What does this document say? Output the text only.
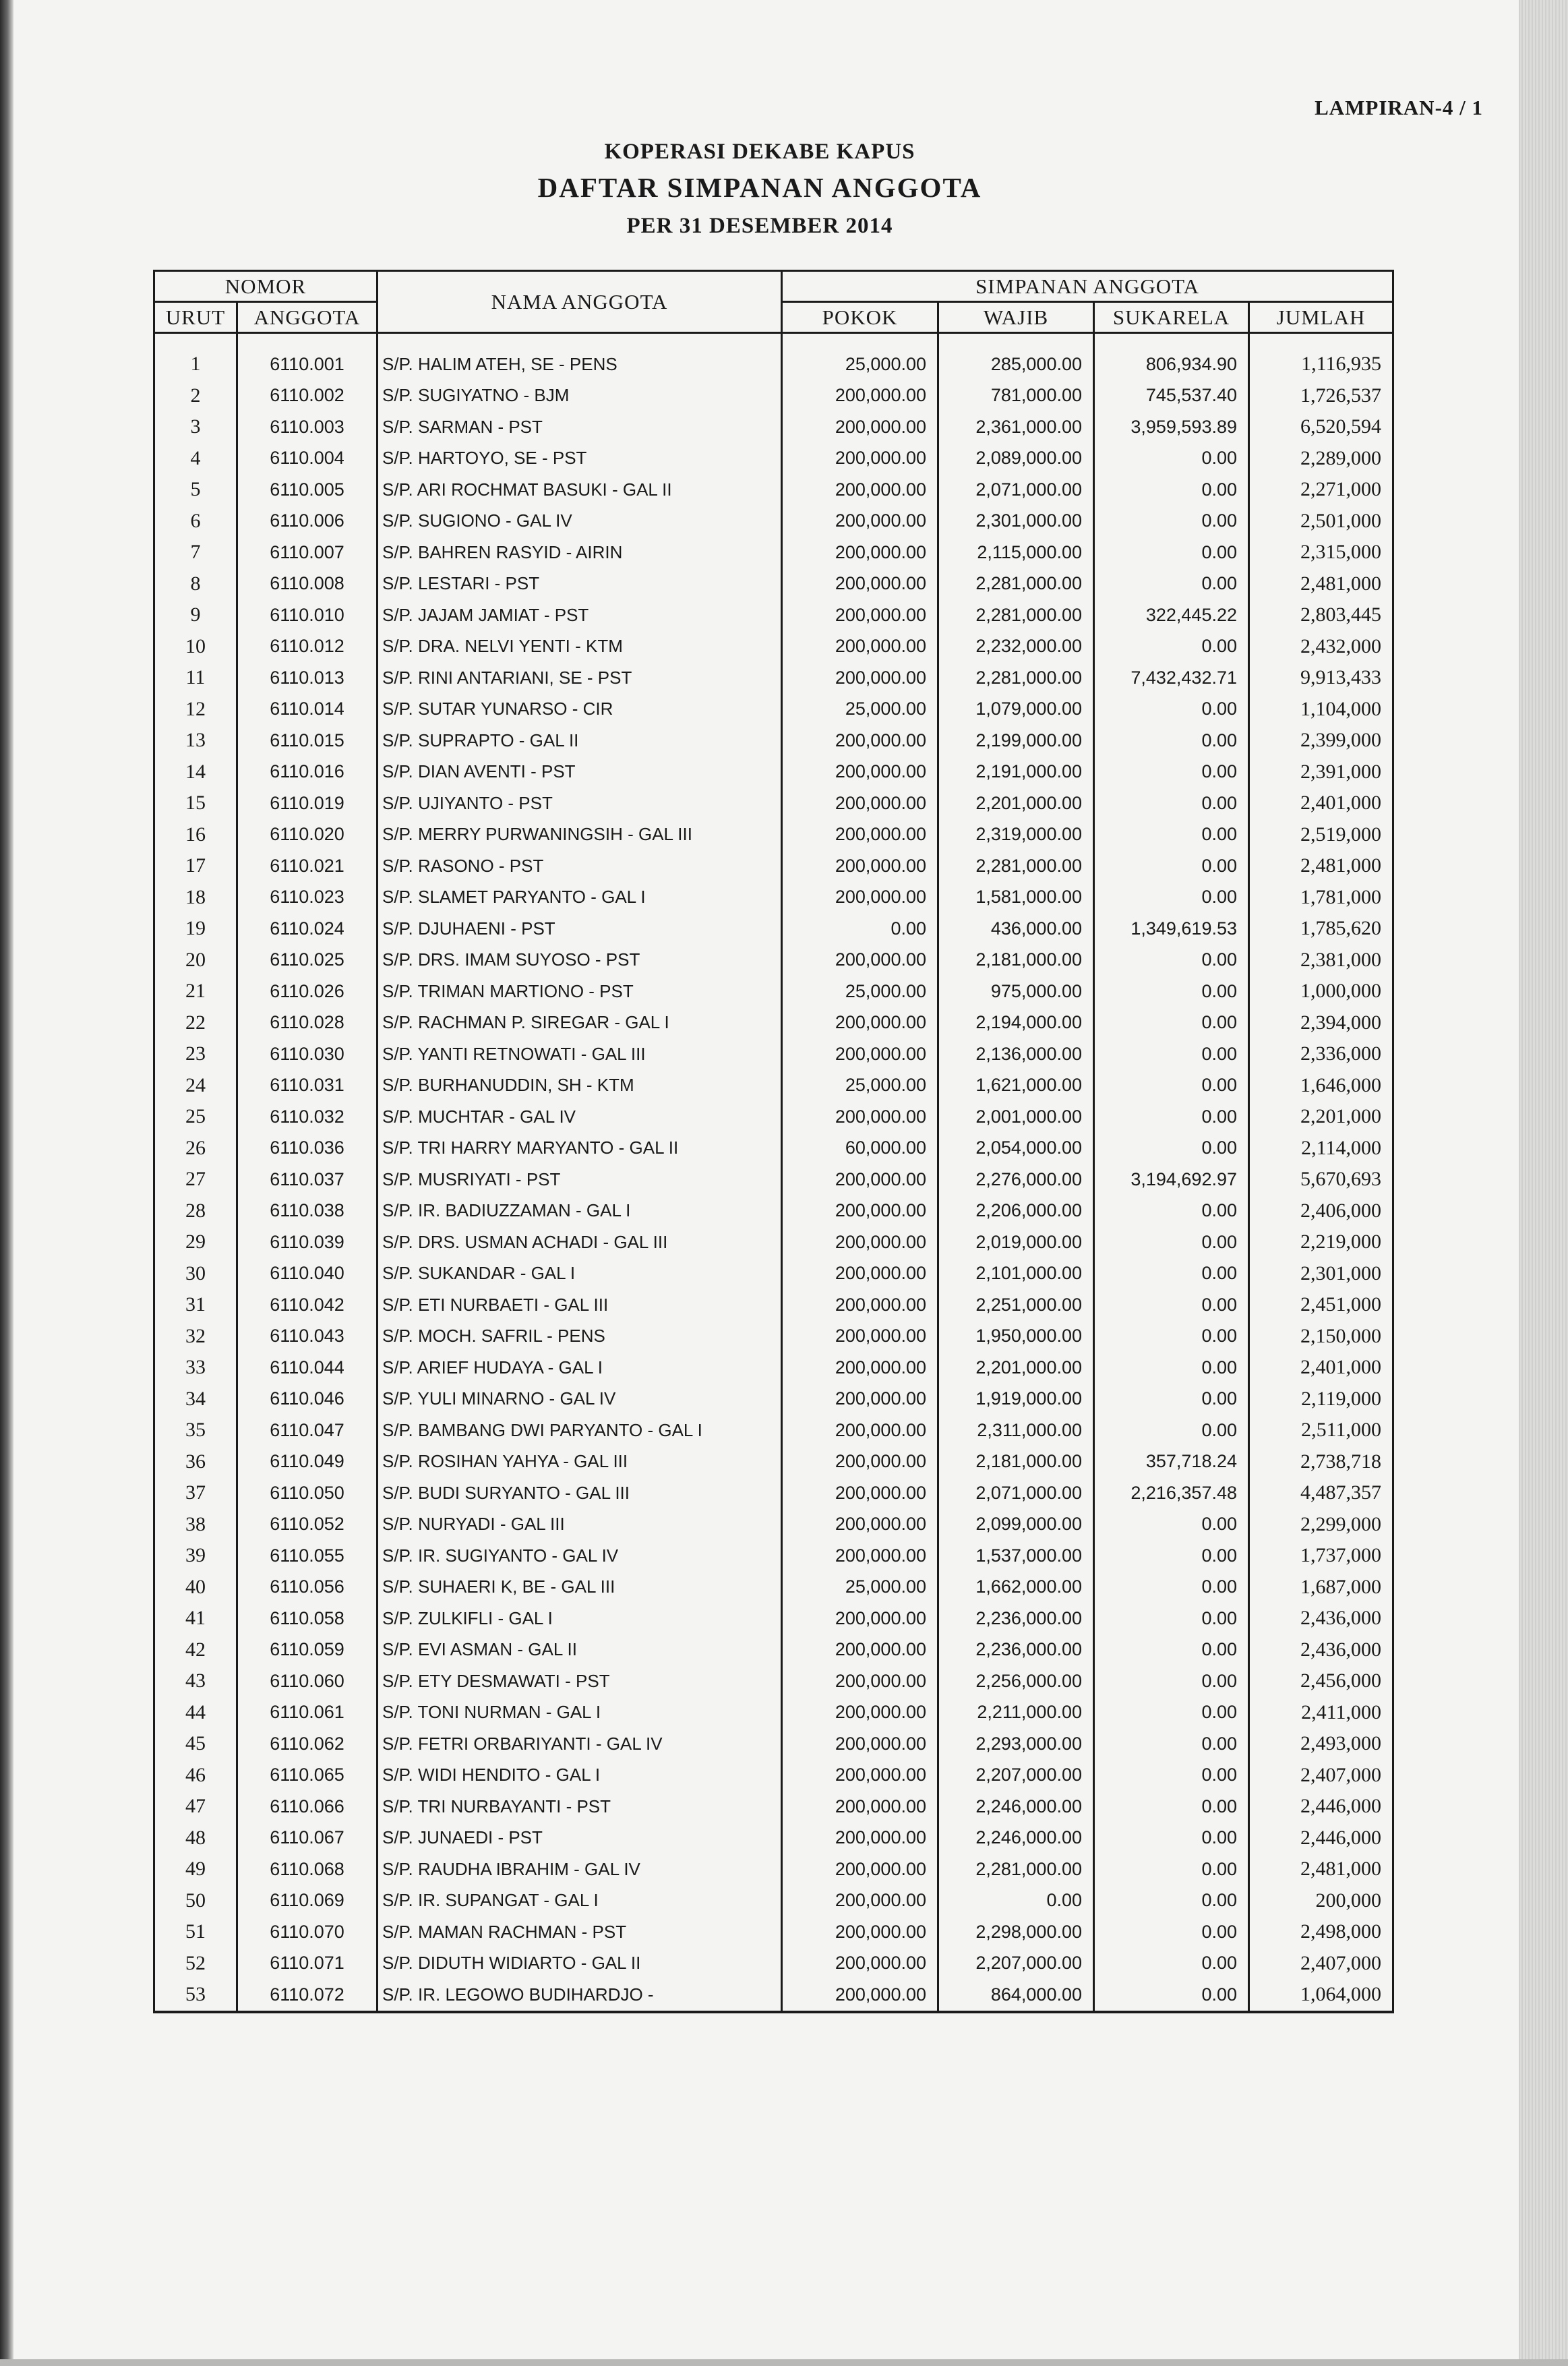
LAMPIRAN-4 / 1
KOPERASI DEKABE KAPUS
DAFTAR SIMPANAN ANGGOTA
PER 31 DESEMBER 2014
NOMOR		NAMA ANGGOTA	SIMPANAN ANGGOTA			
URUT	ANGGOTA		POKOK	WAJIB	SUKARELA	JUMLAH

1	6110.001	S/P. HALIM ATEH, SE - PENS	25,000.00	285,000.00	806,934.90	1,116,935
2	6110.002	S/P. SUGIYATNO - BJM	200,000.00	781,000.00	745,537.40	1,726,537
3	6110.003	S/P. SARMAN - PST	200,000.00	2,361,000.00	3,959,593.89	6,520,594
4	6110.004	S/P. HARTOYO, SE - PST	200,000.00	2,089,000.00	0.00	2,289,000
5	6110.005	S/P. ARI ROCHMAT BASUKI - GAL II	200,000.00	2,071,000.00	0.00	2,271,000
6	6110.006	S/P. SUGIONO - GAL IV	200,000.00	2,301,000.00	0.00	2,501,000
7	6110.007	S/P. BAHREN RASYID - AIRIN	200,000.00	2,115,000.00	0.00	2,315,000
8	6110.008	S/P. LESTARI - PST	200,000.00	2,281,000.00	0.00	2,481,000
9	6110.010	S/P. JAJAM JAMIAT - PST	200,000.00	2,281,000.00	322,445.22	2,803,445
10	6110.012	S/P. DRA. NELVI YENTI - KTM	200,000.00	2,232,000.00	0.00	2,432,000
11	6110.013	S/P. RINI ANTARIANI, SE - PST	200,000.00	2,281,000.00	7,432,432.71	9,913,433
12	6110.014	S/P. SUTAR YUNARSO - CIR	25,000.00	1,079,000.00	0.00	1,104,000
13	6110.015	S/P. SUPRAPTO - GAL II	200,000.00	2,199,000.00	0.00	2,399,000
14	6110.016	S/P. DIAN AVENTI - PST	200,000.00	2,191,000.00	0.00	2,391,000
15	6110.019	S/P. UJIYANTO - PST	200,000.00	2,201,000.00	0.00	2,401,000
16	6110.020	S/P. MERRY PURWANINGSIH - GAL III	200,000.00	2,319,000.00	0.00	2,519,000
17	6110.021	S/P. RASONO - PST	200,000.00	2,281,000.00	0.00	2,481,000
18	6110.023	S/P. SLAMET PARYANTO - GAL I	200,000.00	1,581,000.00	0.00	1,781,000
19	6110.024	S/P. DJUHAENI - PST	0.00	436,000.00	1,349,619.53	1,785,620
20	6110.025	S/P. DRS. IMAM SUYOSO - PST	200,000.00	2,181,000.00	0.00	2,381,000
21	6110.026	S/P. TRIMAN MARTIONO - PST	25,000.00	975,000.00	0.00	1,000,000
22	6110.028	S/P. RACHMAN P. SIREGAR - GAL I	200,000.00	2,194,000.00	0.00	2,394,000
23	6110.030	S/P. YANTI RETNOWATI - GAL III	200,000.00	2,136,000.00	0.00	2,336,000
24	6110.031	S/P. BURHANUDDIN, SH - KTM	25,000.00	1,621,000.00	0.00	1,646,000
25	6110.032	S/P. MUCHTAR - GAL IV	200,000.00	2,001,000.00	0.00	2,201,000
26	6110.036	S/P. TRI HARRY MARYANTO - GAL II	60,000.00	2,054,000.00	0.00	2,114,000
27	6110.037	S/P. MUSRIYATI - PST	200,000.00	2,276,000.00	3,194,692.97	5,670,693
28	6110.038	S/P. IR. BADIUZZAMAN - GAL I	200,000.00	2,206,000.00	0.00	2,406,000
29	6110.039	S/P. DRS. USMAN ACHADI - GAL III	200,000.00	2,019,000.00	0.00	2,219,000
30	6110.040	S/P. SUKANDAR - GAL I	200,000.00	2,101,000.00	0.00	2,301,000
31	6110.042	S/P. ETI NURBAETI - GAL III	200,000.00	2,251,000.00	0.00	2,451,000
32	6110.043	S/P. MOCH. SAFRIL - PENS	200,000.00	1,950,000.00	0.00	2,150,000
33	6110.044	S/P. ARIEF HUDAYA - GAL I	200,000.00	2,201,000.00	0.00	2,401,000
34	6110.046	S/P. YULI MINARNO - GAL IV	200,000.00	1,919,000.00	0.00	2,119,000
35	6110.047	S/P. BAMBANG DWI PARYANTO - GAL I	200,000.00	2,311,000.00	0.00	2,511,000
36	6110.049	S/P. ROSIHAN YAHYA - GAL III	200,000.00	2,181,000.00	357,718.24	2,738,718
37	6110.050	S/P. BUDI SURYANTO - GAL III	200,000.00	2,071,000.00	2,216,357.48	4,487,357
38	6110.052	S/P. NURYADI - GAL III	200,000.00	2,099,000.00	0.00	2,299,000
39	6110.055	S/P. IR. SUGIYANTO - GAL IV	200,000.00	1,537,000.00	0.00	1,737,000
40	6110.056	S/P. SUHAERI K, BE - GAL III	25,000.00	1,662,000.00	0.00	1,687,000
41	6110.058	S/P. ZULKIFLI - GAL I	200,000.00	2,236,000.00	0.00	2,436,000
42	6110.059	S/P. EVI ASMAN - GAL II	200,000.00	2,236,000.00	0.00	2,436,000
43	6110.060	S/P. ETY DESMAWATI - PST	200,000.00	2,256,000.00	0.00	2,456,000
44	6110.061	S/P. TONI NURMAN - GAL I	200,000.00	2,211,000.00	0.00	2,411,000
45	6110.062	S/P. FETRI ORBARIYANTI - GAL IV	200,000.00	2,293,000.00	0.00	2,493,000
46	6110.065	S/P. WIDI HENDITO - GAL I	200,000.00	2,207,000.00	0.00	2,407,000
47	6110.066	S/P. TRI NURBAYANTI - PST	200,000.00	2,246,000.00	0.00	2,446,000
48	6110.067	S/P. JUNAEDI - PST	200,000.00	2,246,000.00	0.00	2,446,000
49	6110.068	S/P. RAUDHA IBRAHIM - GAL IV	200,000.00	2,281,000.00	0.00	2,481,000
50	6110.069	S/P. IR. SUPANGAT - GAL I	200,000.00	0.00	0.00	200,000
51	6110.070	S/P. MAMAN RACHMAN - PST	200,000.00	2,298,000.00	0.00	2,498,000
52	6110.071	S/P. DIDUTH WIDIARTO - GAL II	200,000.00	2,207,000.00	0.00	2,407,000
53	6110.072	S/P. IR. LEGOWO BUDIHARDJO -	200,000.00	864,000.00	0.00	1,064,000
